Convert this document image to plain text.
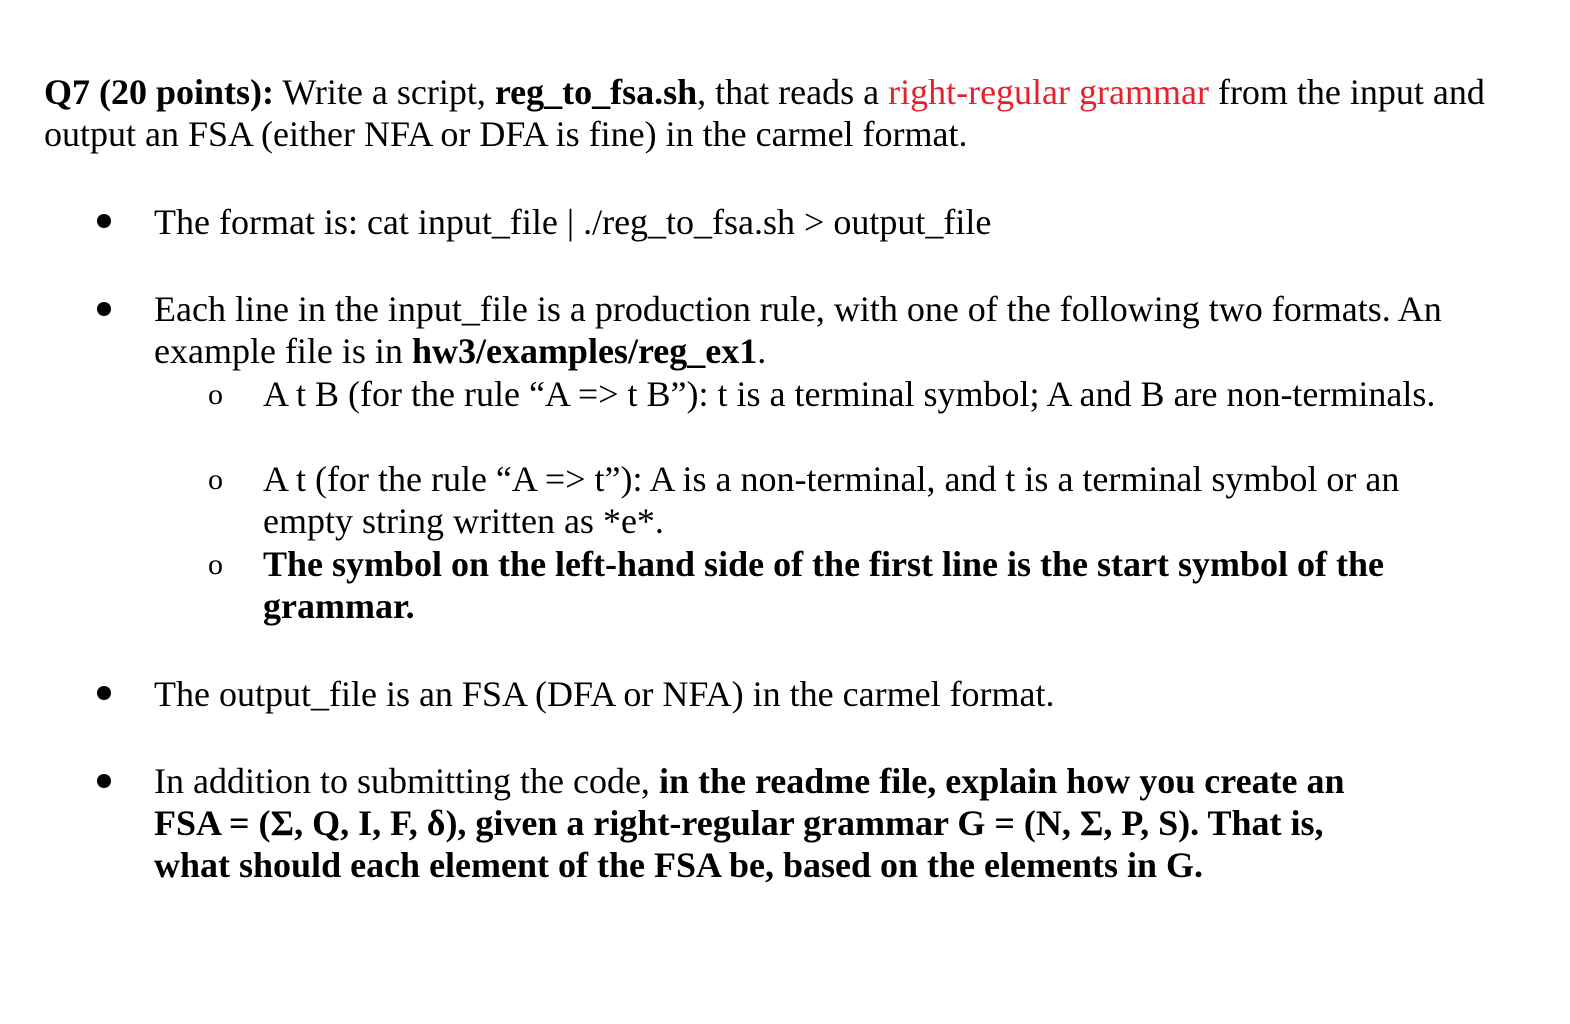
Q7 (20 points): Write a script, reg_to_fsa.sh, that reads a right-regular grammar from the input and output an FSA (either NFA or DFA is fine) in the carmel format.
The format is: cat input_file | ./reg_to_fsa.sh > output_file
Each line in the input_file is a production rule, with one of the following two formats. An example file is in hw3/examples/reg_ex1.
o A t B (for the rule “A => t B”): t is a terminal symbol; A and B are non-terminals.
o A t (for the rule “A => t”): A is a non-terminal, and t is a terminal symbol or an empty string written as *e*.
o The symbol on the left-hand side of the first line is the start symbol of the grammar.
The output_file is an FSA (DFA or NFA) in the carmel format.
In addition to submitting the code, in the readme file, explain how you create an FSA = (Σ, Q, I, F, δ), given a right-regular grammar G = (N, Σ, P, S). That is, what should each element of the FSA be, based on the elements in G.
